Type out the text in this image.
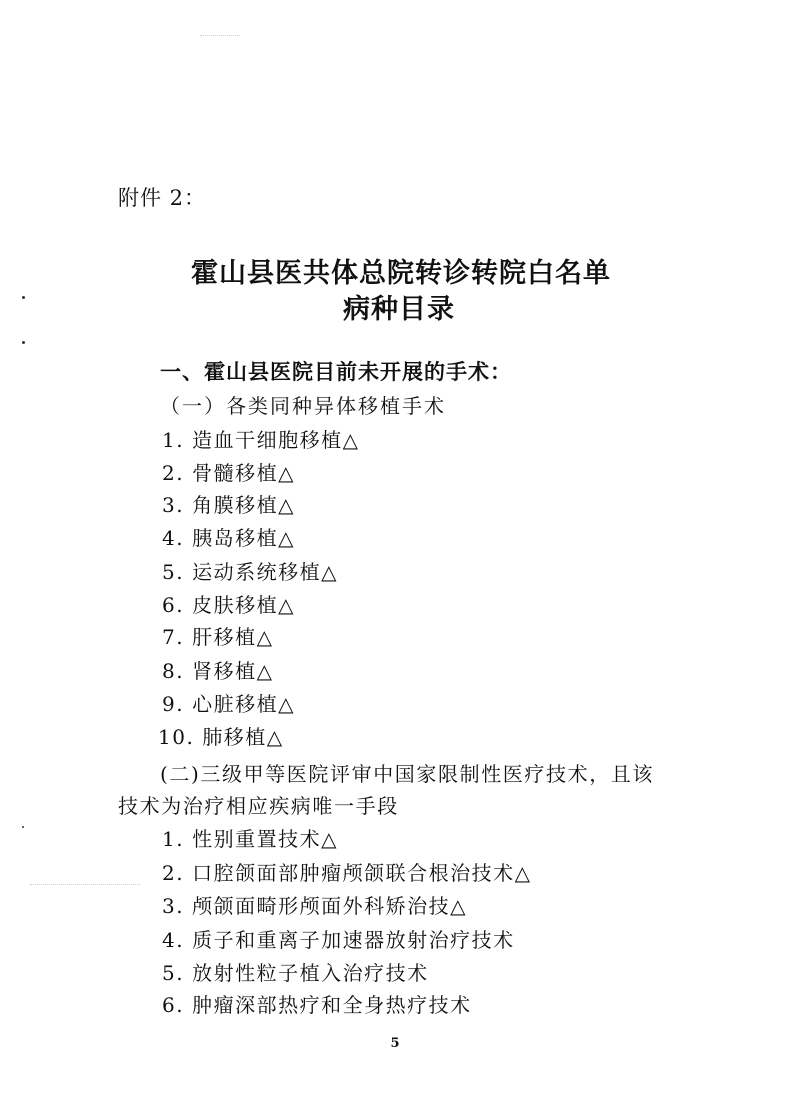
附件 2：
霍山县医共体总院转诊转院白名单
病种目录
一、霍山县医院目前未开展的手术：
（一）各类同种异体移植手术
1. 造血干细胞移植△
2. 骨髓移植△
3. 角膜移植△
4. 胰岛移植△
5. 运动系统移植△
6. 皮肤移植△
7. 肝移植△
8. 肾移植△
9. 心脏移植△
10. 肺移植△
(二)三级甲等医院评审中国家限制性医疗技术，且该
技术为治疗相应疾病唯一手段
1. 性别重置技术△
2. 口腔颌面部肿瘤颅颌联合根治技术△
3. 颅颌面畸形颅面外科矫治技△
4. 质子和重离子加速器放射治疗技术
5. 放射性粒子植入治疗技术
6. 肿瘤深部热疗和全身热疗技术
5
